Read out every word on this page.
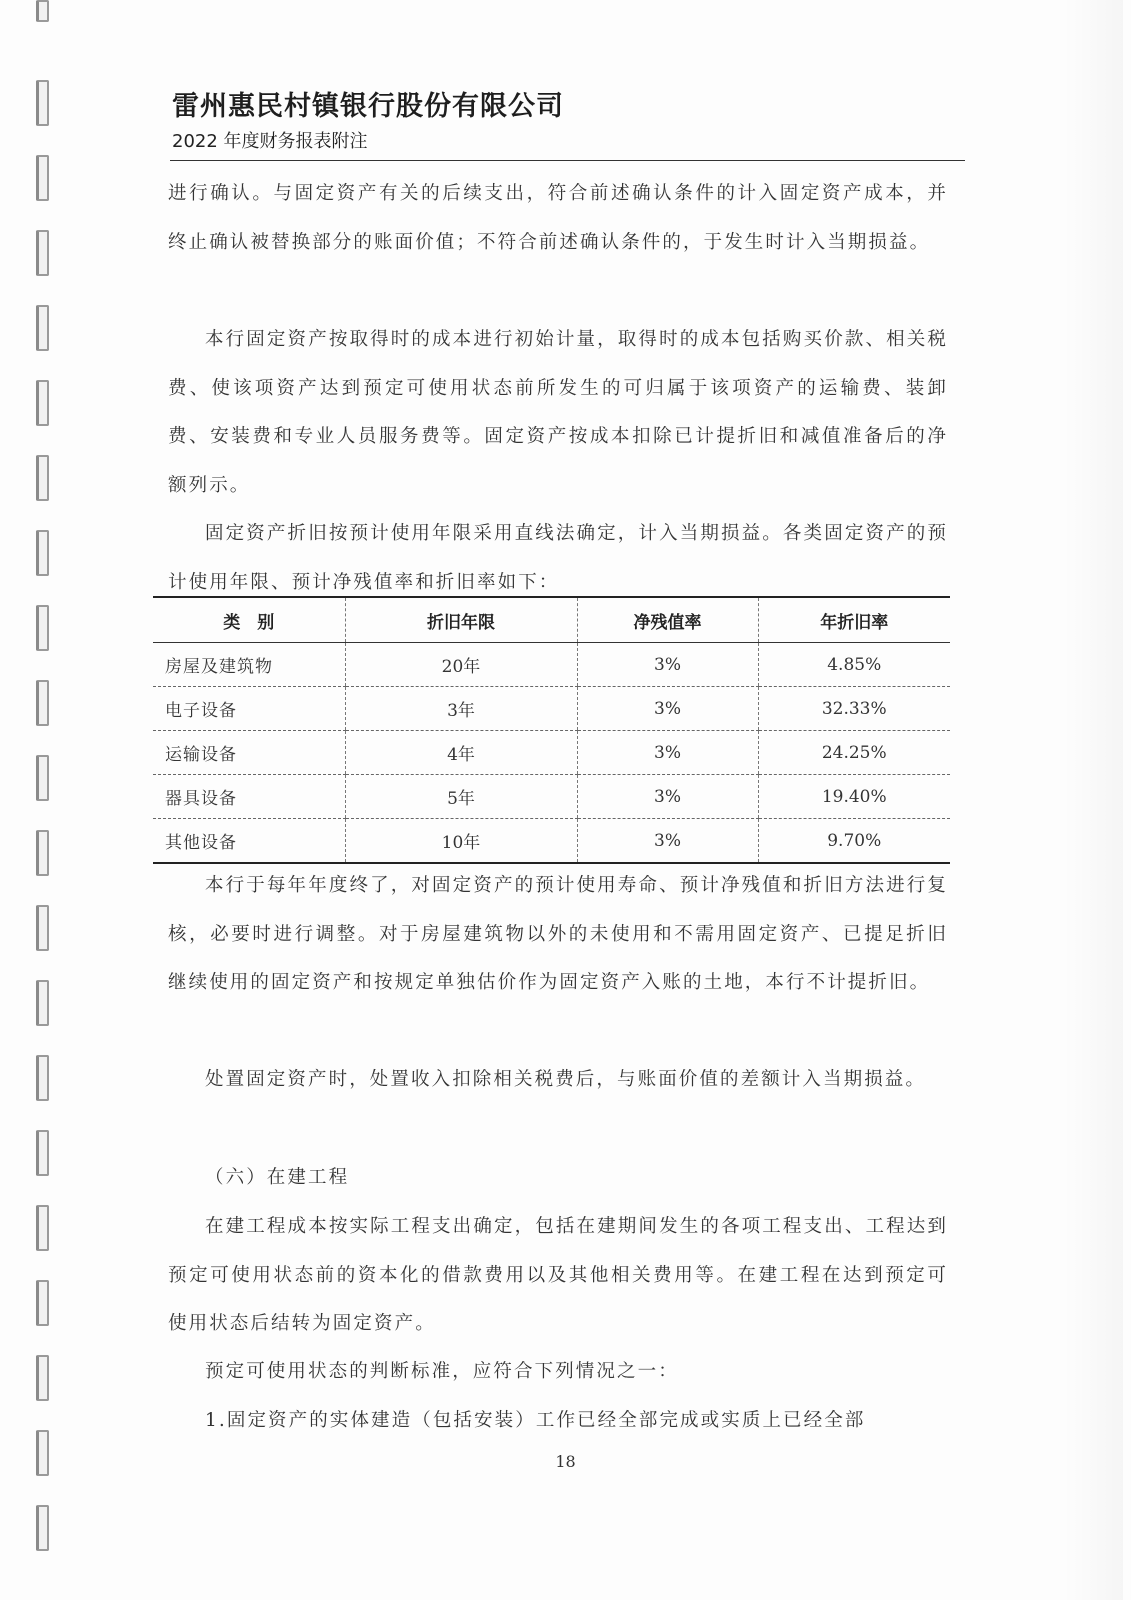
雷州惠民村镇银行股份有限公司
2022 年度财务报表附注

进行确认。与固定资产有关的后续支出，符合前述确认条件的计入固定资产成本，并终止确认被替换部分的账面价值；不符合前述确认条件的，于发生时计入当期损益。

本行固定资产按取得时的成本进行初始计量，取得时的成本包括购买价款、相关税费、使该项资产达到预定可使用状态前所发生的可归属于该项资产的运输费、装卸费、安装费和专业人员服务费等。固定资产按成本扣除已计提折旧和减值准备后的净额列示。

固定资产折旧按预计使用年限采用直线法确定，计入当期损益。各类固定资产的预计使用年限、预计净残值率和折旧率如下：

类　别	折旧年限	净残值率	年折旧率
房屋及建筑物	20年	3%	4.85%
电子设备	3年	3%	32.33%
运输设备	4年	3%	24.25%
器具设备	5年	3%	19.40%
其他设备	10年	3%	9.70%

本行于每年年度终了，对固定资产的预计使用寿命、预计净残值和折旧方法进行复核，必要时进行调整。对于房屋建筑物以外的未使用和不需用固定资产、已提足折旧继续使用的固定资产和按规定单独估价作为固定资产入账的土地，本行不计提折旧。

处置固定资产时，处置收入扣除相关税费后，与账面价值的差额计入当期损益。

（六）在建工程

在建工程成本按实际工程支出确定，包括在建期间发生的各项工程支出、工程达到预定可使用状态前的资本化的借款费用以及其他相关费用等。在建工程在达到预定可使用状态后结转为固定资产。

预定可使用状态的判断标准，应符合下列情况之一：

1.固定资产的实体建造（包括安装）工作已经全部完成或实质上已经全部

18
